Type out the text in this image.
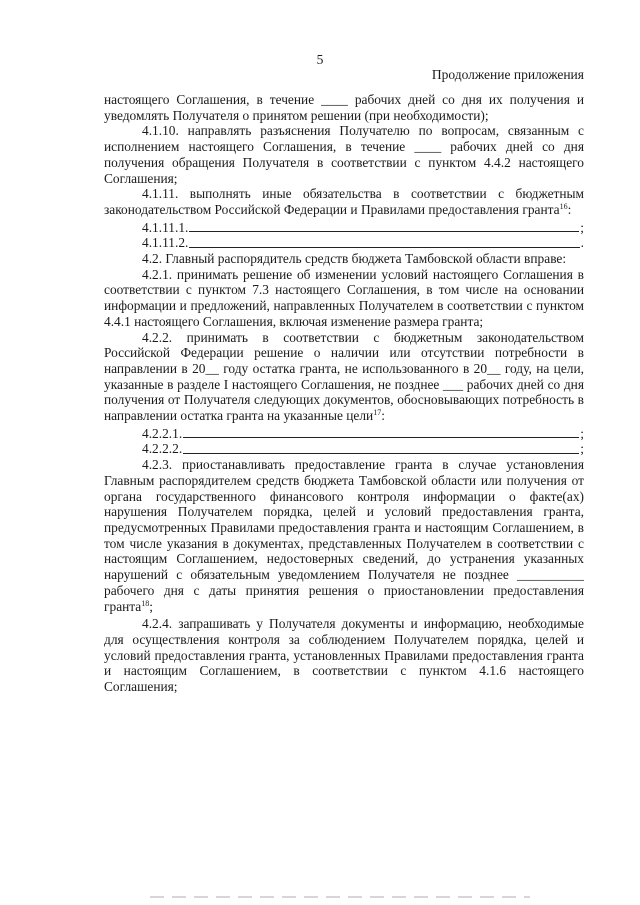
5
Продолжение приложения

настоящего Соглашения, в течение ____ рабочих дней со дня их получения и уведомлять Получателя о принятом решении (при необходимости);

4.1.10. направлять разъяснения Получателю по вопросам, связанным с исполнением настоящего Соглашения, в течение ____ рабочих дней со дня получения обращения Получателя в соответствии с пунктом 4.4.2 настоящего Соглашения;

4.1.11. выполнять иные обязательства в соответствии с бюджетным законодательством Российской Федерации и Правилами предоставления гранта$^{16}$:

4.1.11.1.	;
4.1.11.2.	.

4.2. Главный распорядитель средств бюджета Тамбовской области вправе:

4.2.1. принимать решение об изменении условий настоящего Соглашения в соответствии с пунктом 7.3 настоящего Соглашения, в том числе на основании информации и предложений, направленных Получателем в соответствии с пунктом 4.4.1 настоящего Соглашения, включая изменение размера гранта;

4.2.2. принимать в соответствии с бюджетным законодательством Российской Федерации решение о наличии или отсутствии потребности в направлении в 20__ году остатка гранта, не использованного в 20__ году, на цели, указанные в разделе I настоящего Соглашения, не позднее ___ рабочих дней со дня получения от Получателя следующих документов, обосновывающих потребность в направлении остатка гранта на указанные цели$^{17}$:

4.2.2.1.	;
4.2.2.2.	;

4.2.3. приостанавливать предоставление гранта в случае установления Главным распорядителем средств бюджета Тамбовской области или получения от органа государственного финансового контроля информации о факте(ах) нарушения Получателем порядка, целей и условий предоставления гранта, предусмотренных Правилами предоставления гранта и настоящим Соглашением, в том числе указания в документах, представленных Получателем в соответствии с настоящим Соглашением, недостоверных сведений, до устранения указанных нарушений с обязательным уведомлением Получателя не позднее __________ рабочего дня с даты принятия решения о приостановлении предоставления гранта$^{18}$;

4.2.4. запрашивать у Получателя документы и информацию, необходимые для осуществления контроля за соблюдением Получателем порядка, целей и условий предоставления гранта, установленных Правилами предоставления гранта и настоящим Соглашением, в соответствии с пунктом 4.1.6 настоящего Соглашения;
